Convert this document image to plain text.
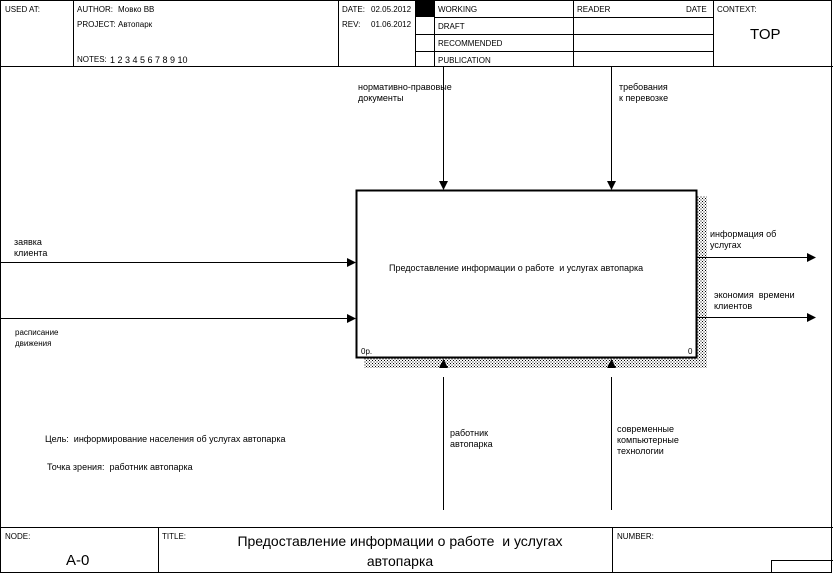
USED AT:	AUTHOR: Мовко ВВ
PROJECT: Автопарк
NOTES: 1 2 3 4 5 6 7 8 9 10
DATE: 02.05.2012
REV: 01.06.2012
WORKING
DRAFT
RECOMMENDED
PUBLICATION
READER	DATE CONTEXT:
TOP
нормативно-правовые
документы
требования
к перевозке
заявка
клиента
расписание
движения
информация об
услугах
экономия  времени
клиентов
работник
автопарка
современные
компьютерные
технологии
Предоставление информации о работе  и услугах автопарка
0р.	0
Цель:  информирование населения об услугах автопарка
Точка зрения:  работник автопарка
NODE:
А-0
TITLE:	Предоставление информации о работе  и услугах
автопарка
NUMBER:
